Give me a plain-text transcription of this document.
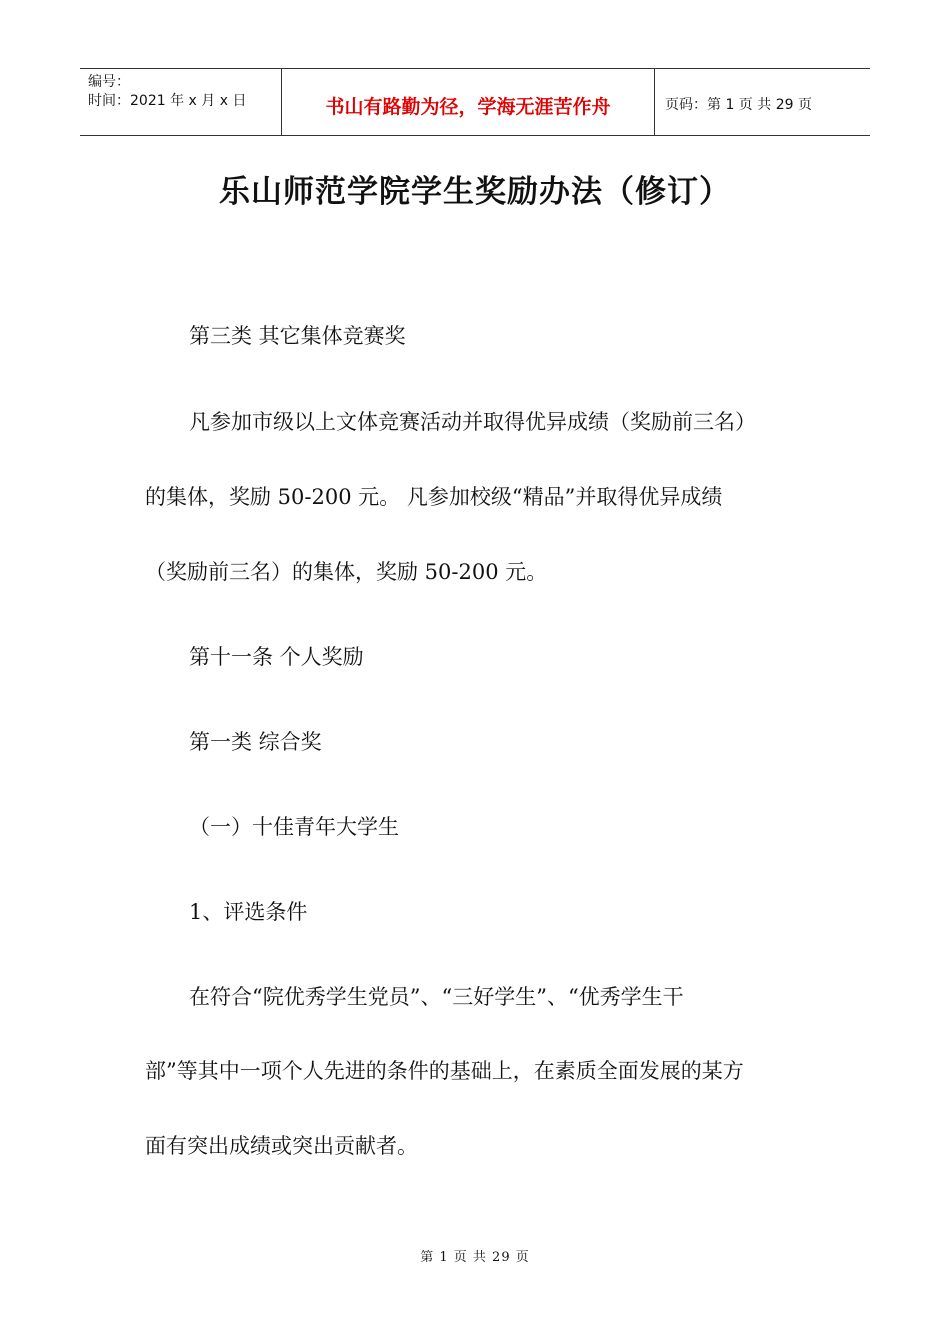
编号：
时间：2021 年 x 月 x 日	书山有路勤为径，学海无涯苦作舟	页码：第 1 页 共 29 页
乐山师范学院学生奖励办法（修订）

第三类 其它集体竞赛奖

凡参加市级以上文体竞赛活动并取得优异成绩（奖励前三名）

的集体，奖励 50-200 元。 凡参加校级“精品”并取得优异成绩

（奖励前三名）的集体，奖励 50-200 元。

第十一条 个人奖励

第一类 综合奖

（一）十佳青年大学生

1、评选条件

在符合“院优秀学生党员”、“三好学生”、“优秀学生干

部”等其中一项个人先进的条件的基础上，在素质全面发展的某方

面有突出成绩或突出贡献者。

第 1 页 共 29 页
